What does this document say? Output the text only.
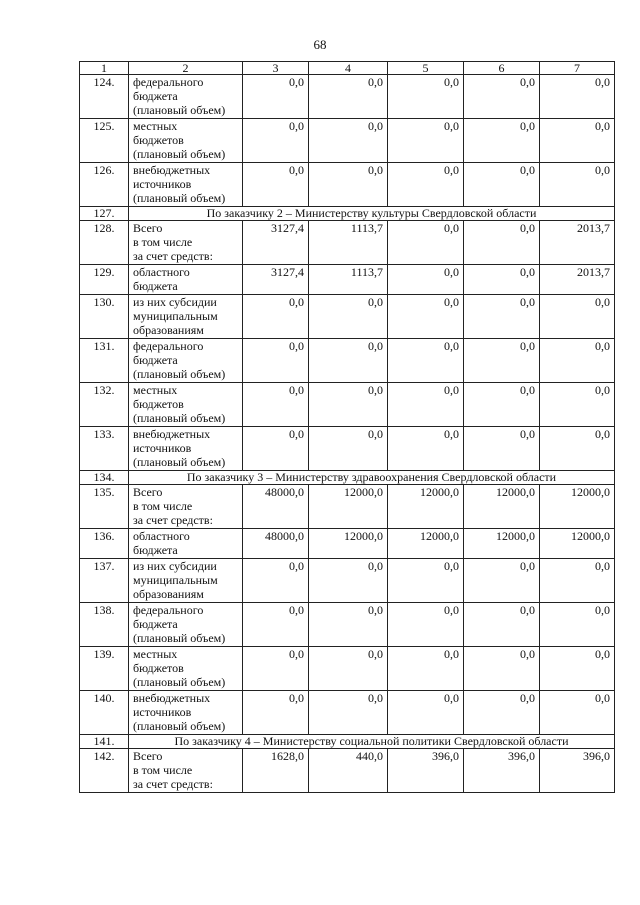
68
1	2	3	4	5	6	7
124.	федерального
бюджета
(плановый объем)	0,0	0,0	0,0	0,0	0,0
125.	местных
бюджетов
(плановый объем)	0,0	0,0	0,0	0,0	0,0
126.	внебюджетных
источников
(плановый объем)	0,0	0,0	0,0	0,0	0,0
127.	По заказчику 2 – Министерству культуры Свердловской области					
128.	Всего
в том числе
за счет средств:	3127,4	1113,7	0,0	0,0	2013,7
129.	областного
бюджета	3127,4	1113,7	0,0	0,0	2013,7
130.	из них субсидии
муниципальным
образованиям	0,0	0,0	0,0	0,0	0,0
131.	федерального
бюджета
(плановый объем)	0,0	0,0	0,0	0,0	0,0
132.	местных
бюджетов
(плановый объем)	0,0	0,0	0,0	0,0	0,0
133.	внебюджетных
источников
(плановый объем)	0,0	0,0	0,0	0,0	0,0
134.	По заказчику 3 – Министерству здравоохранения Свердловской области					
135.	Всего
в том числе
за счет средств:	48000,0	12000,0	12000,0	12000,0	12000,0
136.	областного
бюджета	48000,0	12000,0	12000,0	12000,0	12000,0
137.	из них субсидии
муниципальным
образованиям	0,0	0,0	0,0	0,0	0,0
138.	федерального
бюджета
(плановый объем)	0,0	0,0	0,0	0,0	0,0
139.	местных
бюджетов
(плановый объем)	0,0	0,0	0,0	0,0	0,0
140.	внебюджетных
источников
(плановый объем)	0,0	0,0	0,0	0,0	0,0
141.	По заказчику 4 – Министерству социальной политики Свердловской области					
142.	Всего
в том числе
за счет средств:	1628,0	440,0	396,0	396,0	396,0
